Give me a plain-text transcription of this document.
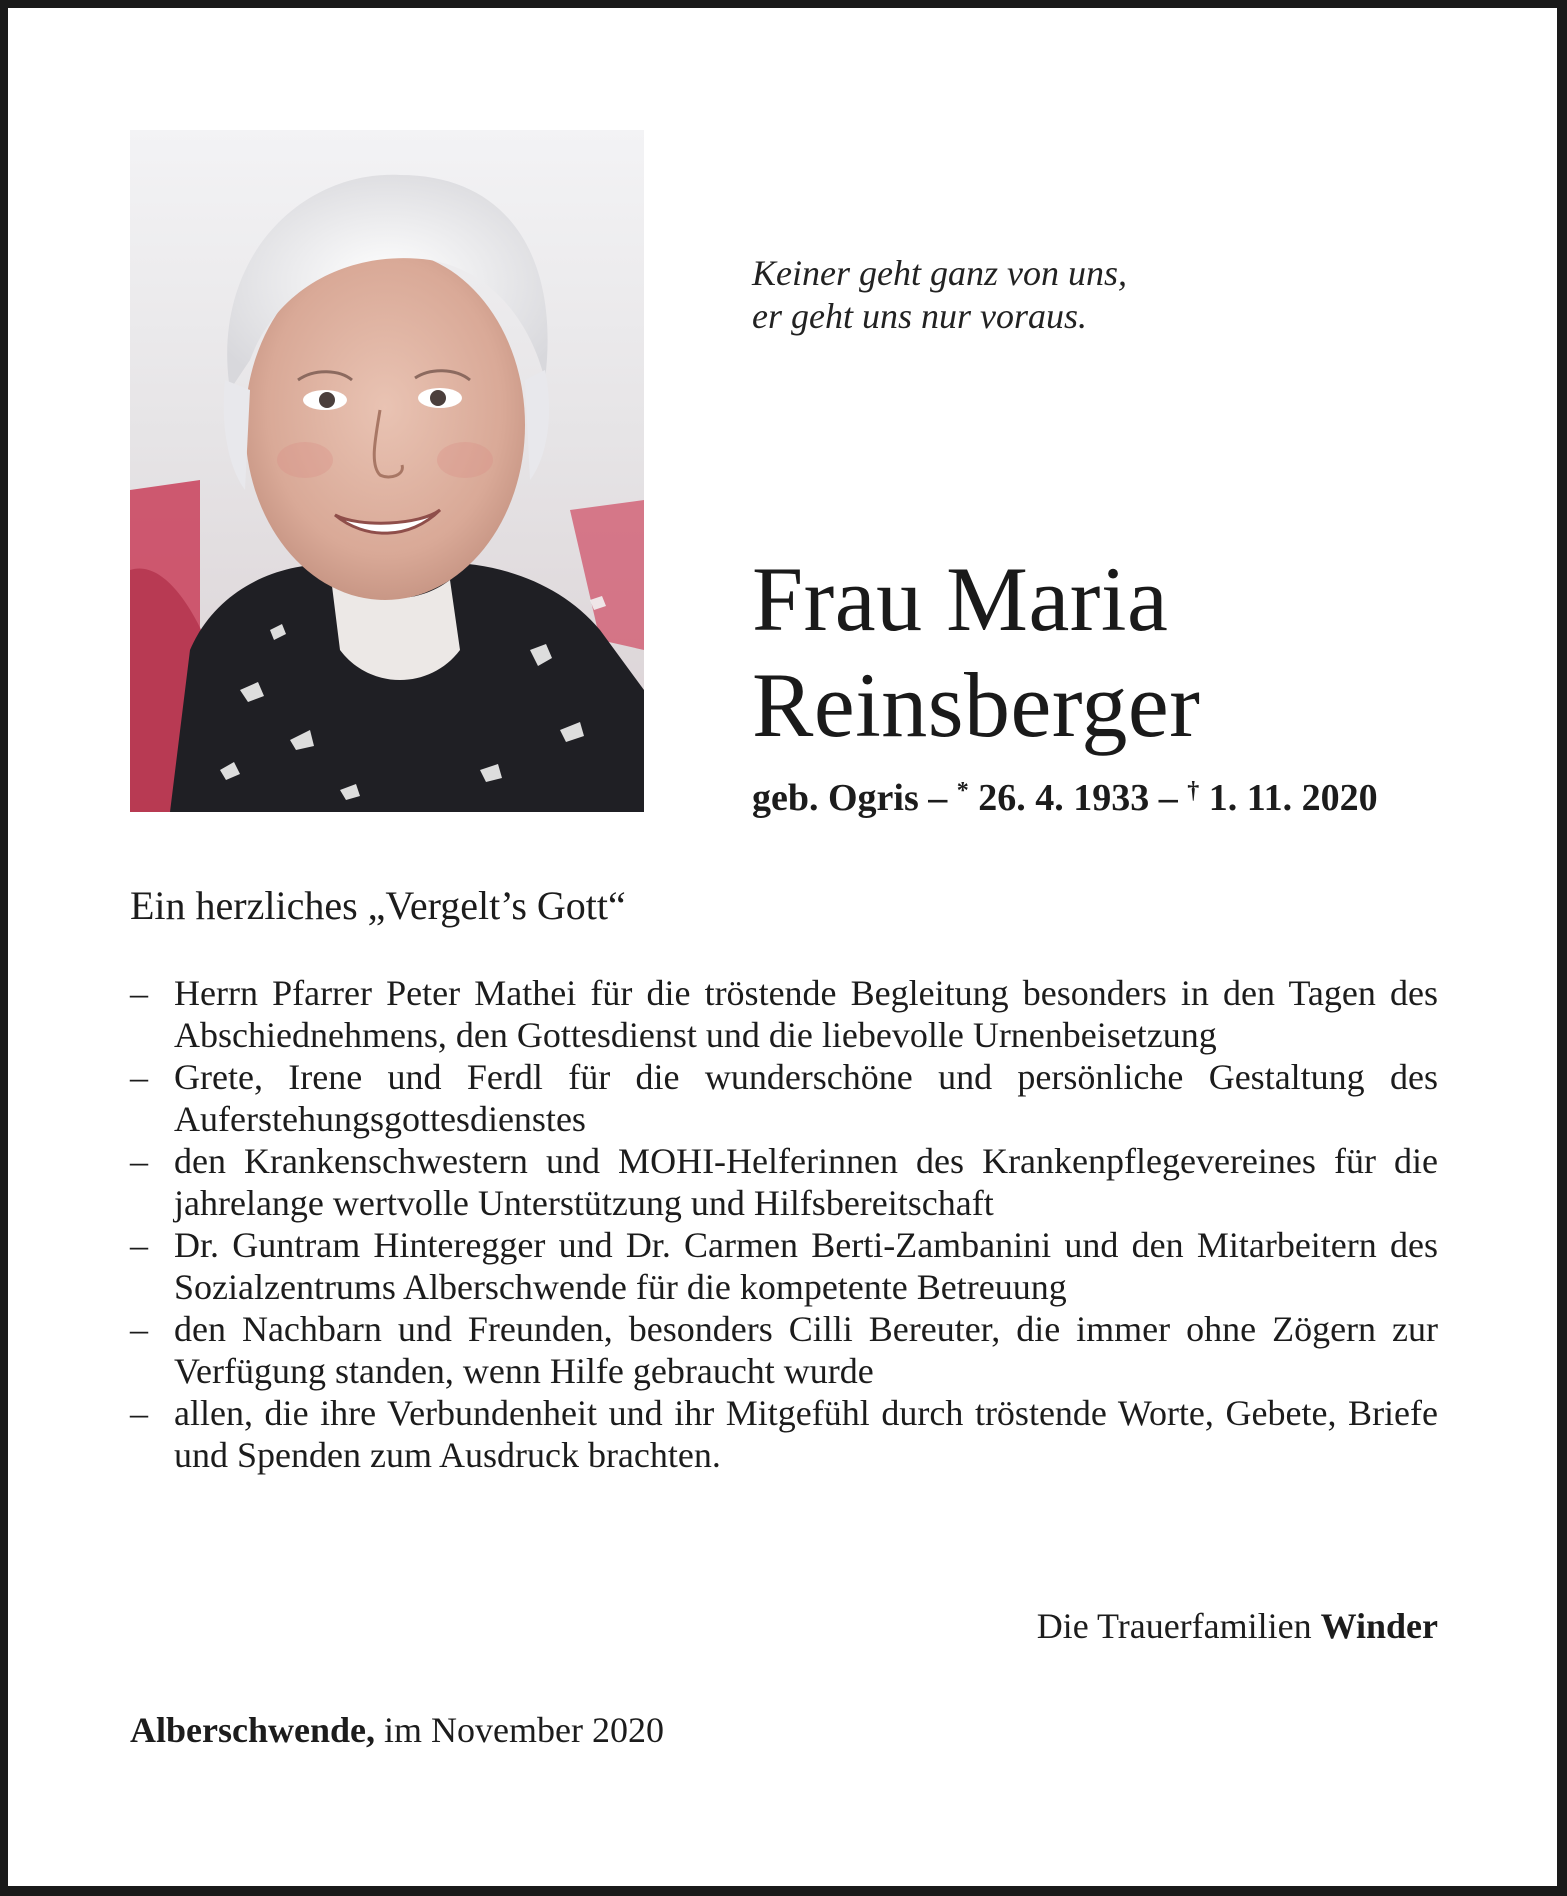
Keiner geht ganz von uns,
er geht uns nur voraus.
Frau Maria
Reinsberger
geb. Ogris – * 26. 4. 1933 – † 1. 11. 2020
Ein herzliches „Vergelt’s Gott“
– Herrn Pfarrer Peter Mathei für die tröstende Begleitung besonders in den Tagen des Abschiednehmens, den Gottesdienst und die liebevolle Urnenbeisetzung
– Grete, Irene und Ferdl für die wunderschöne und persönliche Gestaltung des Auferstehungsgottesdienstes
– den Krankenschwestern und MOHI-Helferinnen des Krankenpflegevereines für die jahrelange wertvolle Unterstützung und Hilfsbereitschaft
– Dr. Guntram Hinteregger und Dr. Carmen Berti-Zambanini und den Mitarbeitern des Sozialzentrums Alberschwende für die kompetente Betreuung
– den Nachbarn und Freunden, besonders Cilli Bereuter, die immer ohne Zögern zur Verfügung standen, wenn Hilfe gebraucht wurde
– allen, die ihre Verbundenheit und ihr Mitgefühl durch tröstende Worte, Gebete, Briefe und Spenden zum Ausdruck brachten.
Die Trauerfamilien Winder
Alberschwende, im November 2020
